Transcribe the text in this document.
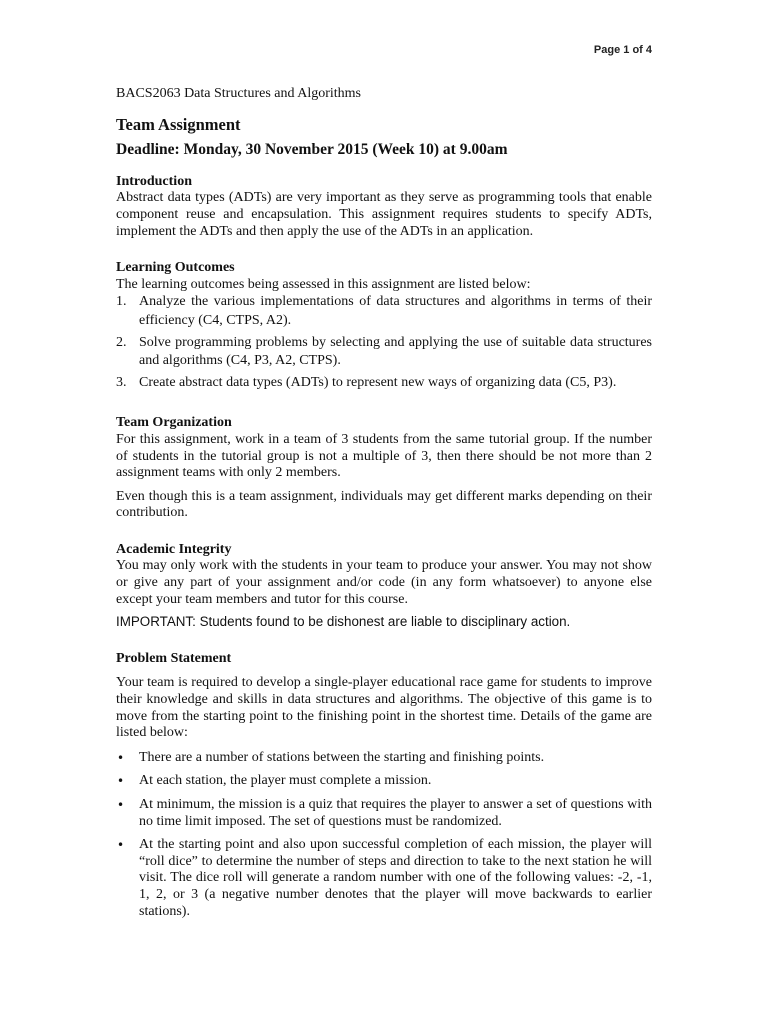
Page 1 of 4

BACS2063 Data Structures and Algorithms

Team Assignment

Deadline: Monday, 30 November 2015 (Week 10) at 9.00am

Introduction

Abstract data types (ADTs) are very important as they serve as programming tools that enable component reuse and encapsulation. This assignment requires students to specify ADTs, implement the ADTs and then apply the use of the ADTs in an application.

Learning Outcomes

The learning outcomes being assessed in this assignment are listed below:

1. Analyze the various implementations of data structures and algorithms in terms of their efficiency (C4, CTPS, A2).
2. Solve programming problems by selecting and applying the use of suitable data structures and algorithms (C4, P3, A2, CTPS).
3. Create abstract data types (ADTs) to represent new ways of organizing data (C5, P3).

Team Organization

For this assignment, work in a team of 3 students from the same tutorial group. If the number of students in the tutorial group is not a multiple of 3, then there should be not more than 2 assignment teams with only 2 members.

Even though this is a team assignment, individuals may get different marks depending on their contribution.

Academic Integrity

You may only work with the students in your team to produce your answer. You may not show or give any part of your assignment and/or code (in any form whatsoever) to anyone else except your team members and tutor for this course.

IMPORTANT: Students found to be dishonest are liable to disciplinary action.

Problem Statement

Your team is required to develop a single-player educational race game for students to improve their knowledge and skills in data structures and algorithms. The objective of this game is to move from the starting point to the finishing point in the shortest time. Details of the game are listed below:

• There are a number of stations between the starting and finishing points.
• At each station, the player must complete a mission.
• At minimum, the mission is a quiz that requires the player to answer a set of questions with no time limit imposed. The set of questions must be randomized.
• At the starting point and also upon successful completion of each mission, the player will “roll dice” to determine the number of steps and direction to take to the next station he will visit. The dice roll will generate a random number with one of the following values: -2, -1, 1, 2, or 3 (a negative number denotes that the player will move backwards to earlier stations).
